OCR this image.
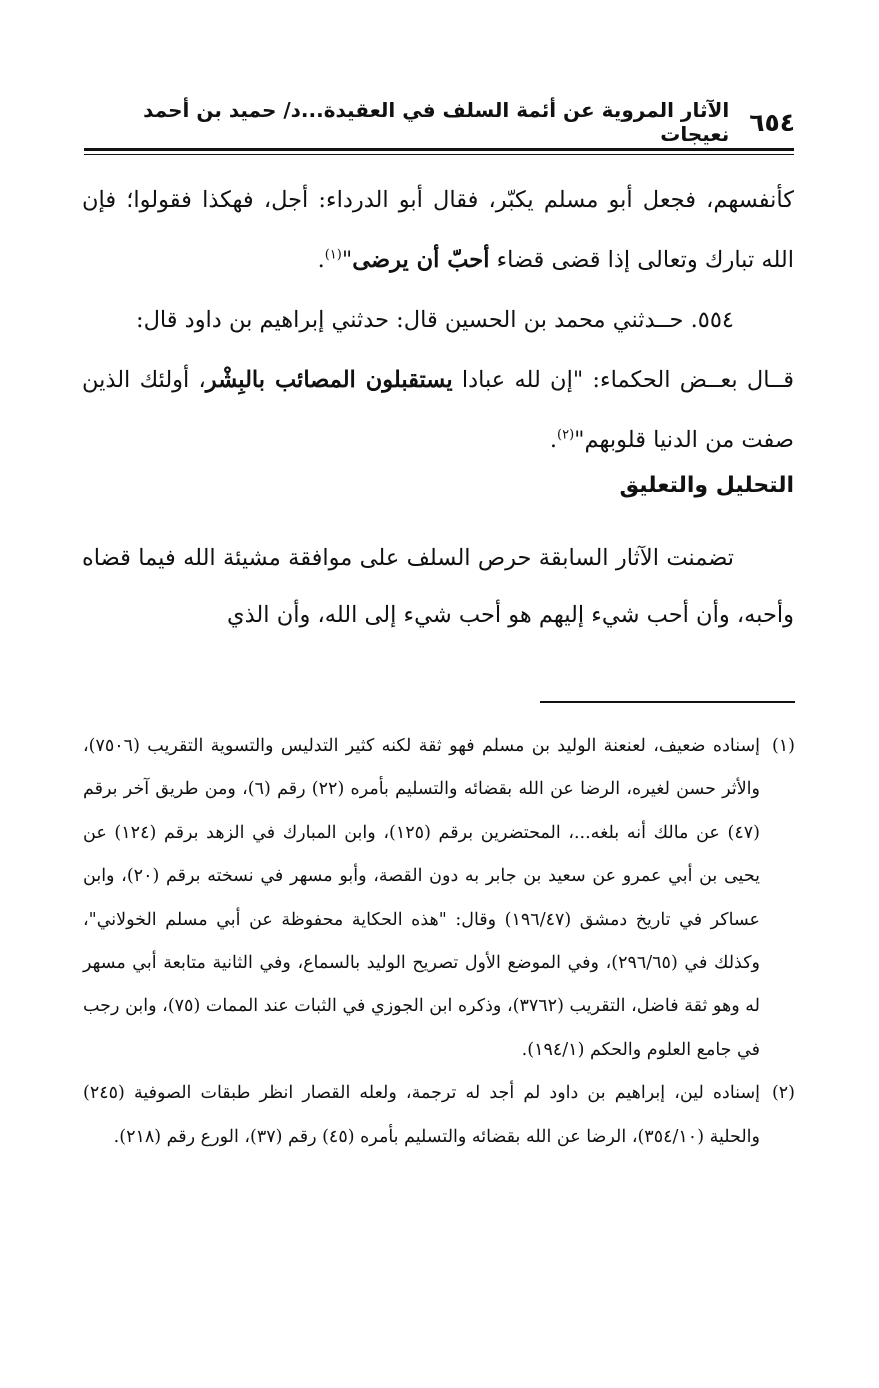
٦٥٤
الآثار المروية عن أئمة السلف في العقيدة...د/ حميد بن أحمد نعيجات

كأنفسهم، فجعل أبو مسلم يكبّر، فقال أبو الدرداء: أجل، فهكذا فقولوا؛ فإن الله تبارك وتعالى إذا قضى قضاء أحبّ أن يرضى"$^{(١)}$.

٥٥٤. حــدثني محمد بن الحسين قال: حدثني إبراهيم بن داود قال:

قــال بعــض الحكماء: "إن لله عبادا يستقبلون المصائب بالبِشْر، أولئك الذين صفت من الدنيا قلوبهم"$^{(٢)}$.

التحليل والتعليق

تضمنت الآثار السابقة حرص السلف على موافقة مشيئة الله فيما قضاه وأحبه، وأن أحب شيء إليهم هو أحب شيء إلى الله، وأن الذي

(١)
إسناده ضعيف، لعنعنة الوليد بن مسلم فهو ثقة لكنه كثير التدليس والتسوية التقريب (٧٥٠٦)، والأثر حسن لغيره، الرضا عن الله بقضائه والتسليم بأمره (٢٢) رقم (٦)، ومن طريق آخر برقم (٤٧) عن مالك أنه بلغه...، المحتضرين برقم (١٢٥)، وابن المبارك في الزهد برقم (١٢٤) عن يحيى بن أبي عمرو عن سعيد بن جابر به دون القصة، وأبو مسهر في نسخته برقم (٢٠)، وابن عساكر في تاريخ دمشق (١٩٦/٤٧) وقال: "هذه الحكاية محفوظة عن أبي مسلم الخولاني"، وكذلك في (٢٩٦/٦٥)، وفي الموضع الأول تصريح الوليد بالسماع، وفي الثانية متابعة أبي مسهر له وهو ثقة فاضل، التقريب (٣٧٦٢)، وذكره ابن الجوزي في الثبات عند الممات (٧٥)، وابن رجب في جامع العلوم والحكم (١٩٤/١).

(٢)
إسناده لين، إبراهيم بن داود لم أجد له ترجمة، ولعله القصار انظر طبقات الصوفية (٢٤٥) والحلية (٣٥٤/١٠)، الرضا عن الله بقضائه والتسليم بأمره (٤٥) رقم (٣٧)، الورع رقم (٢١٨).
